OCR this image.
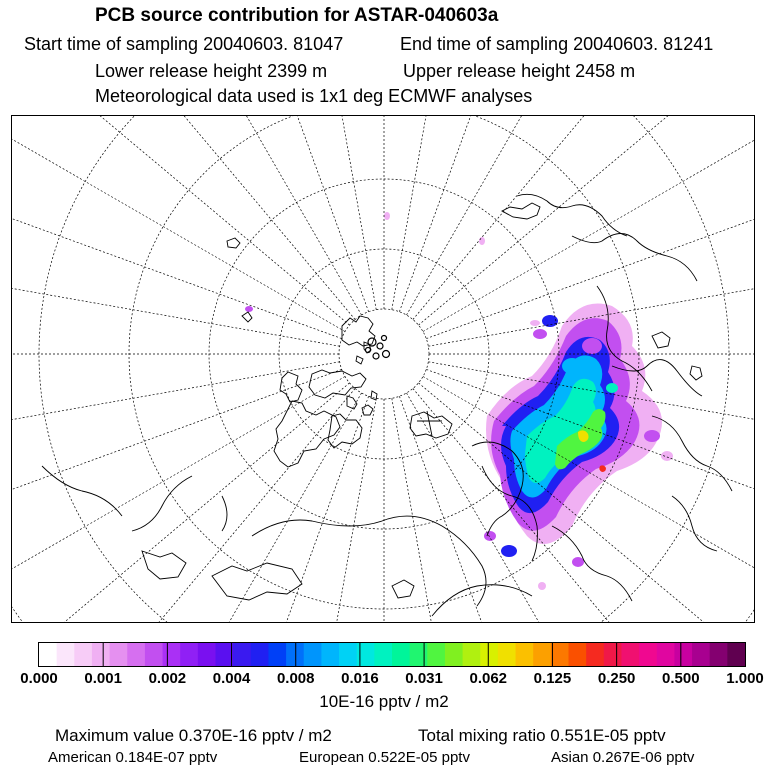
PCB source contribution for ASTAR-040603a
Start time of sampling 20040603. 81047	End time of sampling 20040603. 81241
Lower release height 2399 m	Upper release height 2458 m
Meteorological data used is 1x1 deg ECMWF analyses
0.000 0.001 0.002 0.004 0.008 0.016 0.031 0.062 0.125 0.250 0.500 1.000
10E-16 pptv / m2
Maximum value 0.370E-16 pptv / m2	Total mixing ratio 0.551E-05 pptv
American 0.184E-07 pptv	European 0.522E-05 pptv	Asian 0.267E-06 pptv
